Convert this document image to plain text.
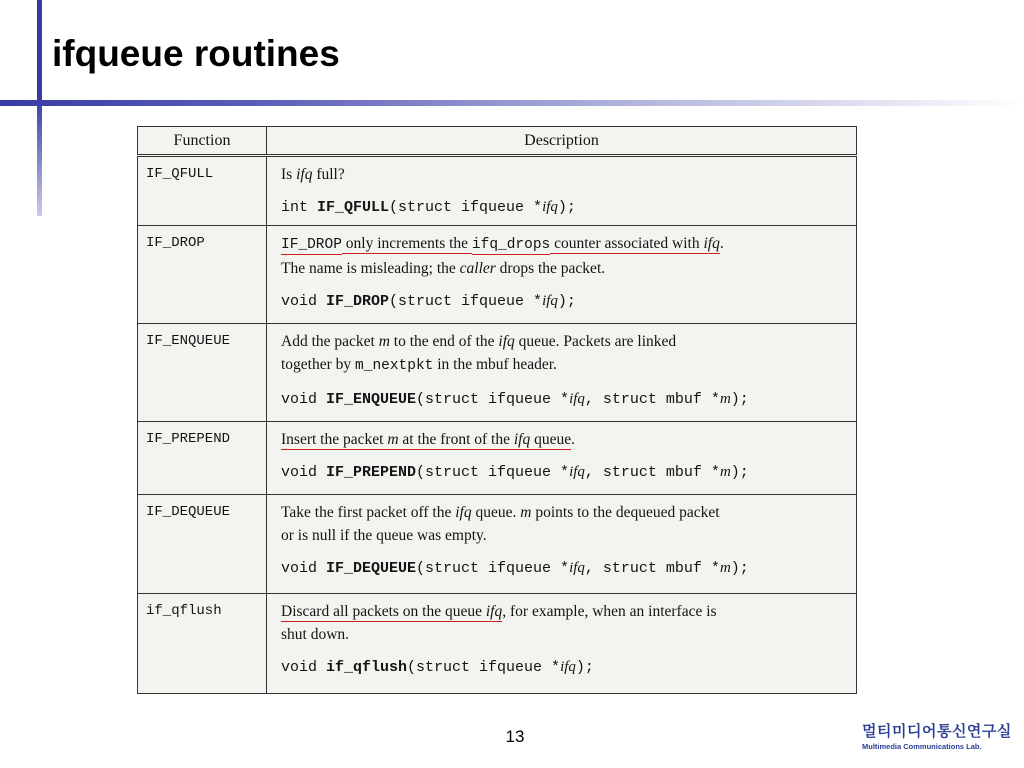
ifqueue routines
Function	Description

IF_QFULL	Is ifq full?
int IF_QFULL(struct ifqueue *ifq);

IF_DROP	IF_DROP only increments the ifq_drops counter associated with ifq.
The name is misleading; the caller drops the packet.
void IF_DROP(struct ifqueue *ifq);

IF_ENQUEUE	Add the packet m to the end of the ifq queue. Packets are linked
together by m_nextpkt in the mbuf header.
void IF_ENQUEUE(struct ifqueue *ifq, struct mbuf *m);

IF_PREPEND	Insert the packet m at the front of the ifq queue.
void IF_PREPEND(struct ifqueue *ifq, struct mbuf *m);

IF_DEQUEUE	Take the first packet off the ifq queue. m points to the dequeued packet
or is null if the queue was empty.
void IF_DEQUEUE(struct ifqueue *ifq, struct mbuf *m);

if_qflush	Discard all packets on the queue ifq, for example, when an interface is
shut down.
void if_qflush(struct ifqueue *ifq);
13	멀티미디어통신연구실
Multimedia Communications Lab.
